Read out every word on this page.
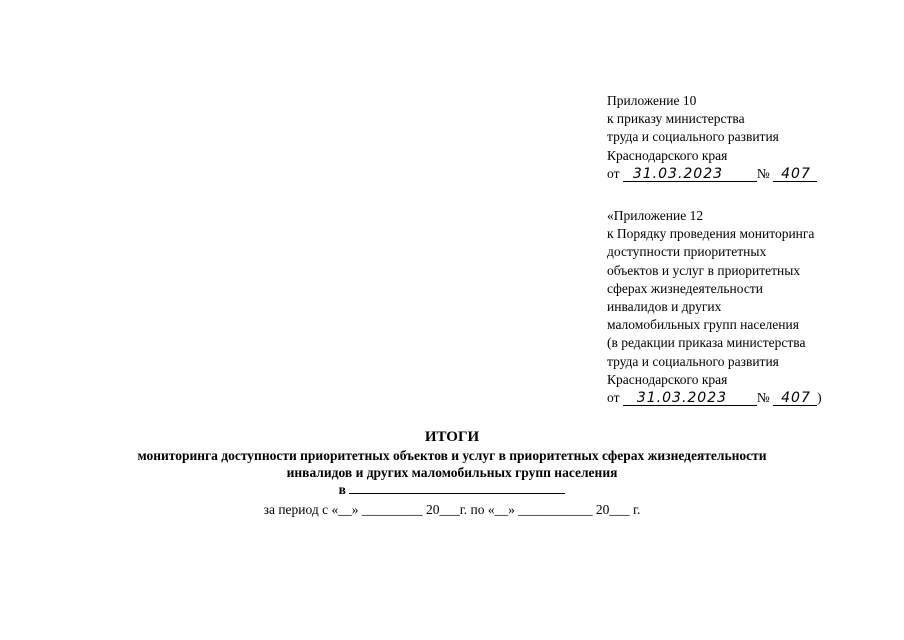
Приложение 10
к приказу министерства
труда и социального развития
Краснодарского края
от 31.03.2023	№ 407
«Приложение 12
к Порядку проведения мониторинга
доступности приоритетных
объектов и услуг в приоритетных
сферах жизнедеятельности
инвалидов и других
маломобильных групп населения
(в редакции приказа министерства
труда и социального развития
Краснодарского края
от 31.03.2023 № 407 )
ИТОГИ
мониторинга доступности приоритетных объектов и услуг в приоритетных сферах жизнедеятельности
инвалидов и других маломобильных групп населения
в
за период с «__» _________ 20___г. по «__» ___________ 20___ г.
